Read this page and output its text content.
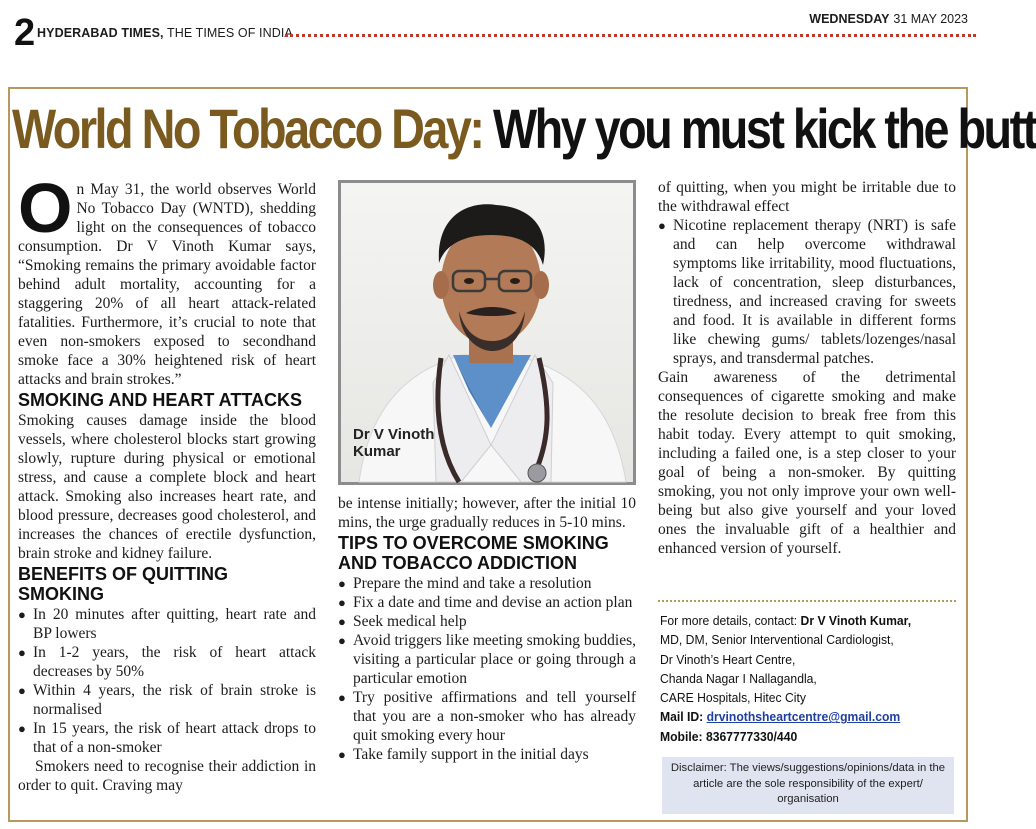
2 HYDERABAD TIMES, THE TIMES OF INDIA
WEDNESDAY 31 MAY 2023
World No Tobacco Day: Why you must kick the butt

On May 31, the world observes World No Tobacco Day (WNTD), shedding light on the consequences of tobacco consumption. Dr V Vinoth Kumar says, “Smoking remains the primary avoidable factor behind adult mortality, accounting for a staggering 20% of all heart attack-related fatalities. Furthermore, it’s crucial to note that even non-smokers exposed to secondhand smoke face a 30% heightened risk of heart attacks and brain strokes.”

SMOKING AND HEART ATTACKS

Smoking causes damage inside the blood vessels, where cholesterol blocks start growing slowly, rupture during physical or emotional stress, and cause a complete block and heart attack. Smoking also increases heart rate, and blood pressure, decreases good cholesterol, and increases the chances of erectile dysfunction, brain stroke and kidney failure.

BENEFITS OF QUITTING SMOKING
● In 20 minutes after quitting, heart rate and BP lowers
● In 1-2 years, the risk of heart attack decreases by 50%
● Within 4 years, the risk of brain stroke is normalised
● In 15 years, the risk of heart attack drops to that of a non-smoker

Smokers need to recognise their addiction in order to quit. Craving may

Dr V Vinoth
Kumar

be intense initially; however, after the initial 10 mins, the urge gradually reduces in 5-10 mins.

TIPS TO OVERCOME SMOKING
AND TOBACCO ADDICTION
● Prepare the mind and take a resolution
● Fix a date and time and devise an action plan
● Seek medical help
● Avoid triggers like meeting smoking buddies, visiting a particular place or going through a particular emotion
● Try positive affirmations and tell yourself that you are a non-smoker who has already quit smoking every hour
● Take family support in the initial days

of quitting, when you might be irritable due to the withdrawal effect

● Nicotine replacement therapy (NRT) is safe and can help overcome withdrawal symptoms like irritability, mood fluctuations, lack of concentration, sleep disturbances, tiredness, and increased craving for sweets and food. It is available in different forms like chewing gums/ tablets/lozenges/nasal sprays, and transdermal patches.

Gain awareness of the detrimental consequences of cigarette smoking and make the resolute decision to break free from this habit today. Every attempt to quit smoking, including a failed one, is a step closer to your goal of being a non-smoker. By quitting smoking, you not only improve your own well-being but also give yourself and your loved ones the invaluable gift of a healthier and enhanced version of yourself.

For more details, contact: Dr V Vinoth Kumar,
MD, DM, Senior Interventional Cardiologist,
Dr Vinoth’s Heart Centre,
Chanda Nagar I Nallagandla,
CARE Hospitals, Hitec City
Mail ID: drvinothsheartcentre@gmail.com
Mobile: 8367777330/440
Disclaimer: The views/suggestions/opinions/data in the article are the sole responsibility of the expert/ organisation
